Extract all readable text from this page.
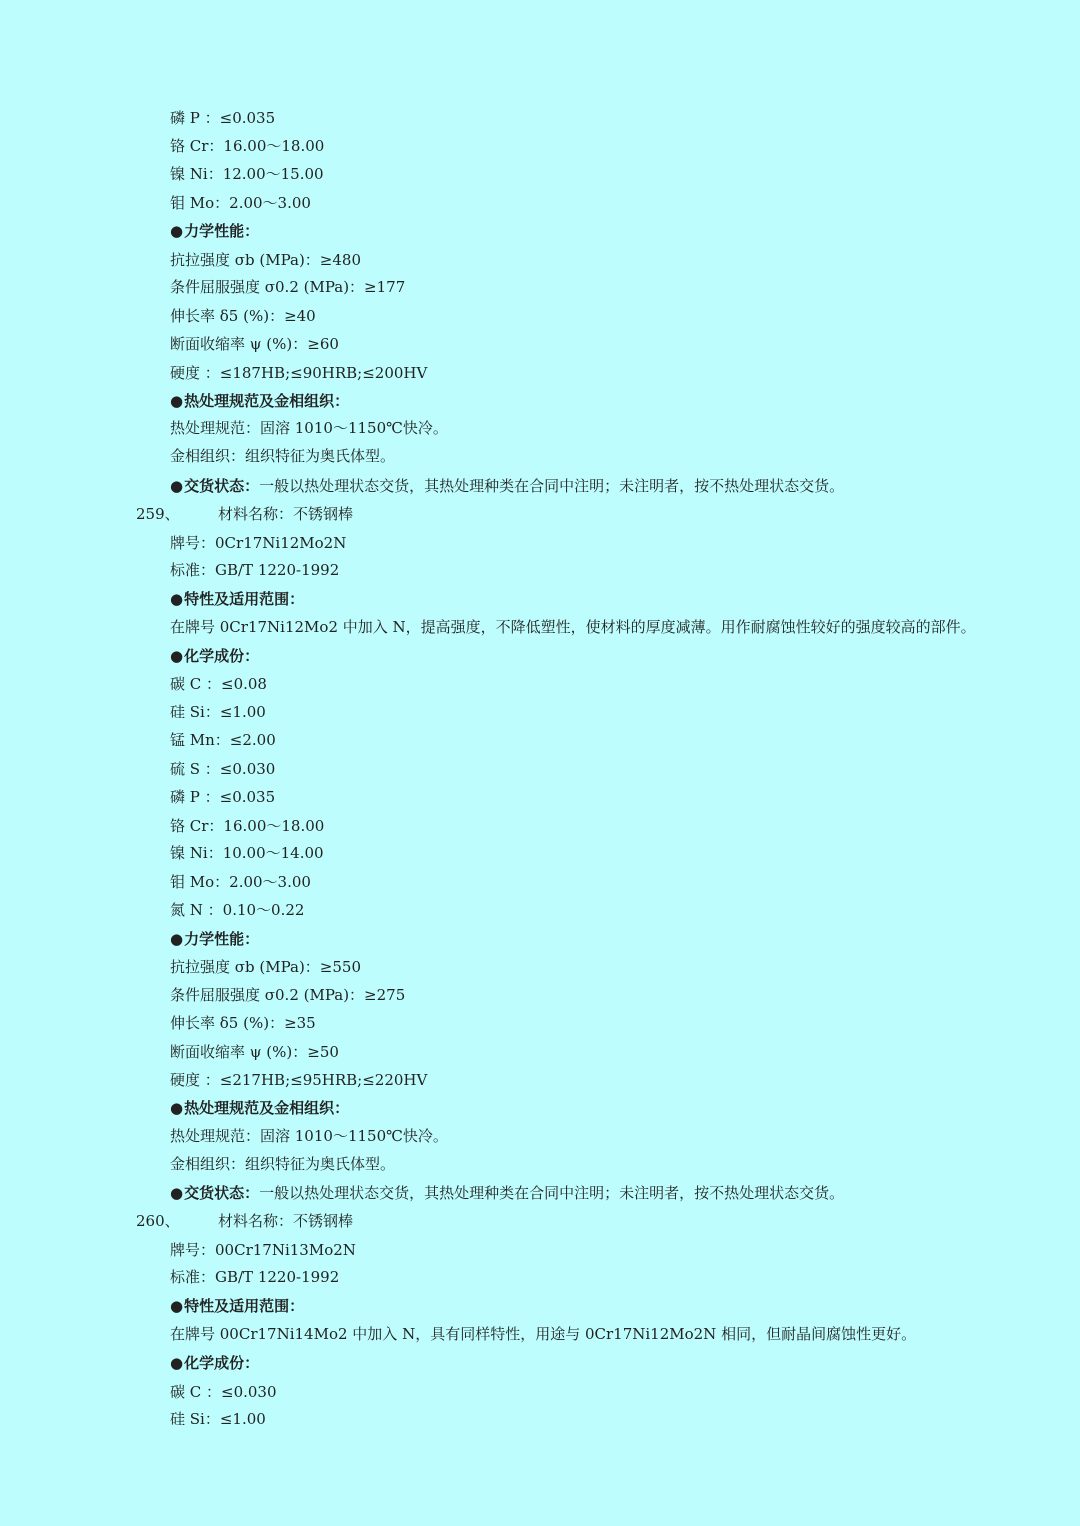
磷 P ：≤0.035
铬 Cr：16.00～18.00
镍 Ni：12.00～15.00
钼 Mo：2.00～3.00
●力学性能：
抗拉强度 σb (MPa)：≥480
条件屈服强度 σ0.2 (MPa)：≥177
伸长率 δ5 (%)：≥40
断面收缩率 ψ (%)：≥60
硬度 ：≤187HB;≤90HRB;≤200HV
●热处理规范及金相组织：
热处理规范：固溶 1010～1150℃快冷。
金相组织：组织特征为奥氏体型。
●交货状态：一般以热处理状态交货，其热处理种类在合同中注明；未注明者，按不热处理状态交货。
259、	材料名称：不锈钢棒
牌号：0Cr17Ni12Mo2N
标准：GB/T 1220-1992
●特性及适用范围：
在牌号 0Cr17Ni12Mo2 中加入 N，提高强度，不降低塑性，使材料的厚度减薄。用作耐腐蚀性较好的强度较高的部件。
●化学成份：
碳 C ：≤0.08
硅 Si：≤1.00
锰 Mn：≤2.00
硫 S ：≤0.030
磷 P ：≤0.035
铬 Cr：16.00～18.00
镍 Ni：10.00～14.00
钼 Mo：2.00～3.00
氮 N ：0.10～0.22
●力学性能：
抗拉强度 σb (MPa)：≥550
条件屈服强度 σ0.2 (MPa)：≥275
伸长率 δ5 (%)：≥35
断面收缩率 ψ (%)：≥50
硬度 ：≤217HB;≤95HRB;≤220HV
●热处理规范及金相组织：
热处理规范：固溶 1010～1150℃快冷。
金相组织：组织特征为奥氏体型。
●交货状态：一般以热处理状态交货，其热处理种类在合同中注明；未注明者，按不热处理状态交货。
260、	材料名称：不锈钢棒
牌号：00Cr17Ni13Mo2N
标准：GB/T 1220-1992
●特性及适用范围：
在牌号 00Cr17Ni14Mo2 中加入 N，具有同样特性，用途与 0Cr17Ni12Mo2N 相同，但耐晶间腐蚀性更好。
●化学成份：
碳 C ：≤0.030
硅 Si：≤1.00
